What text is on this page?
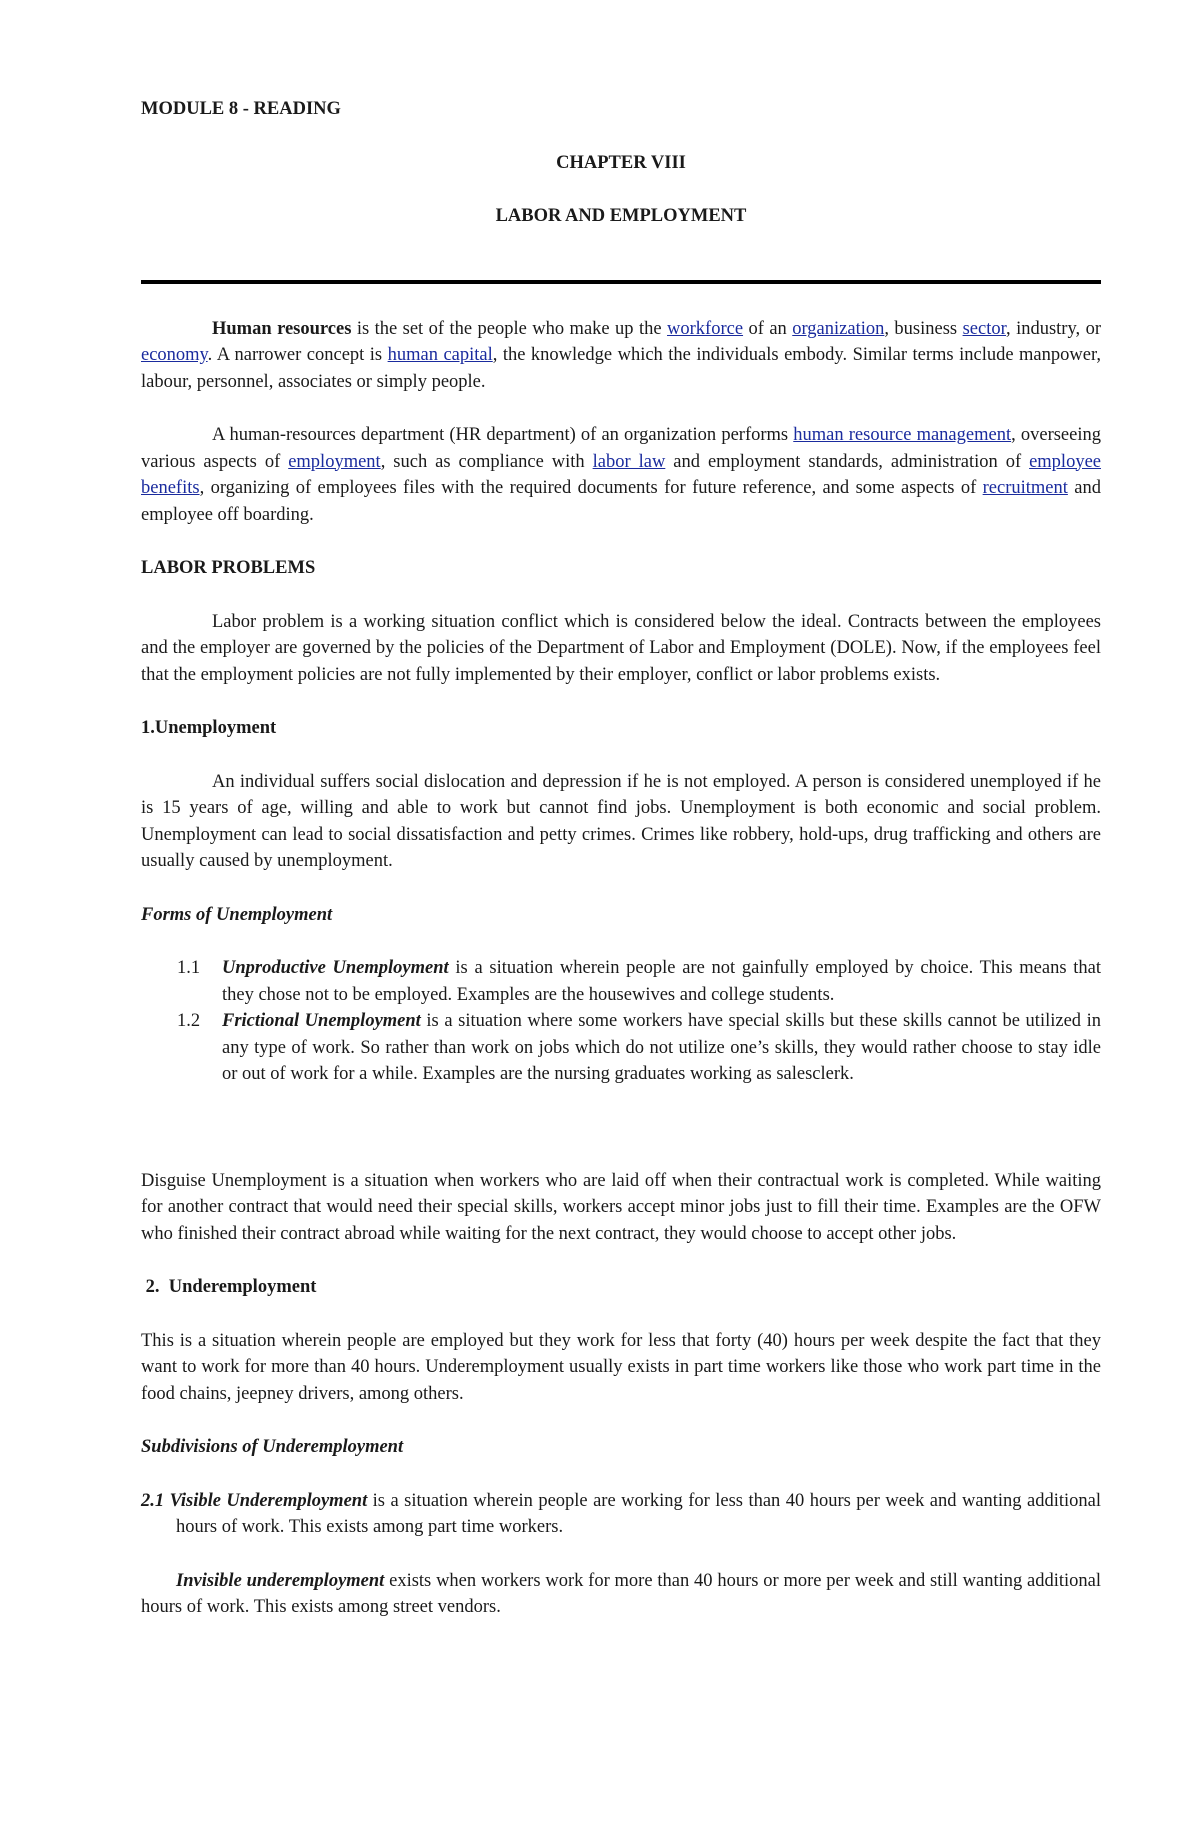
MODULE 8 - READING

CHAPTER VIII

LABOR AND EMPLOYMENT

Human resources is the set of the people who make up the workforce of an organization, business sector, industry, or economy. A narrower concept is human capital, the knowledge which the individuals embody. Similar terms include manpower, labour, personnel, associates or simply people.

A human-resources department (HR department) of an organization performs human resource management, overseeing various aspects of employment, such as compliance with labor law and employment standards, administration of employee benefits, organizing of employees files with the required documents for future reference, and some aspects of recruitment and employee off boarding.

LABOR PROBLEMS

Labor problem is a working situation conflict which is considered below the ideal. Contracts between the employees and the employer are governed by the policies of the Department of Labor and Employment (DOLE). Now, if the employees feel that the employment policies are not fully implemented by their employer, conflict or labor problems exists.

1.Unemployment

An individual suffers social dislocation and depression if he is not employed. A person is considered unemployed if he is 15 years of age, willing and able to work but cannot find jobs. Unemployment is both economic and social problem. Unemployment can lead to social dissatisfaction and petty crimes. Crimes like robbery, hold-ups, drug trafficking and others are usually caused by unemployment.

Forms of Unemployment

1.1	Unproductive Unemployment is a situation wherein people are not gainfully employed by choice. This means that they chose not to be employed. Examples are the housewives and college students.
1.2	Frictional Unemployment is a situation where some workers have special skills but these skills cannot be utilized in any type of work. So rather than work on jobs which do not utilize one’s skills, they would rather choose to stay idle or out of work for a while. Examples are the nursing graduates working as salesclerk.

Disguise Unemployment is a situation when workers who are laid off when their contractual work is completed. While waiting for another contract that would need their special skills, workers accept minor jobs just to fill their time. Examples are the OFW who finished their contract abroad while waiting for the next contract, they would choose to accept other jobs.

2.  Underemployment

This is a situation wherein people are employed but they work for less that forty (40) hours per week despite the fact that they want to work for more than 40 hours. Underemployment usually exists in part time workers like those who work part time in the food chains, jeepney drivers, among others.

Subdivisions of Underemployment

2.1 Visible Underemployment is a situation wherein people are working for less than 40 hours per week and wanting additional hours of work. This exists among part time workers.

Invisible underemployment exists when workers work for more than 40 hours or more per week and still wanting additional hours of work. This exists among street vendors.
